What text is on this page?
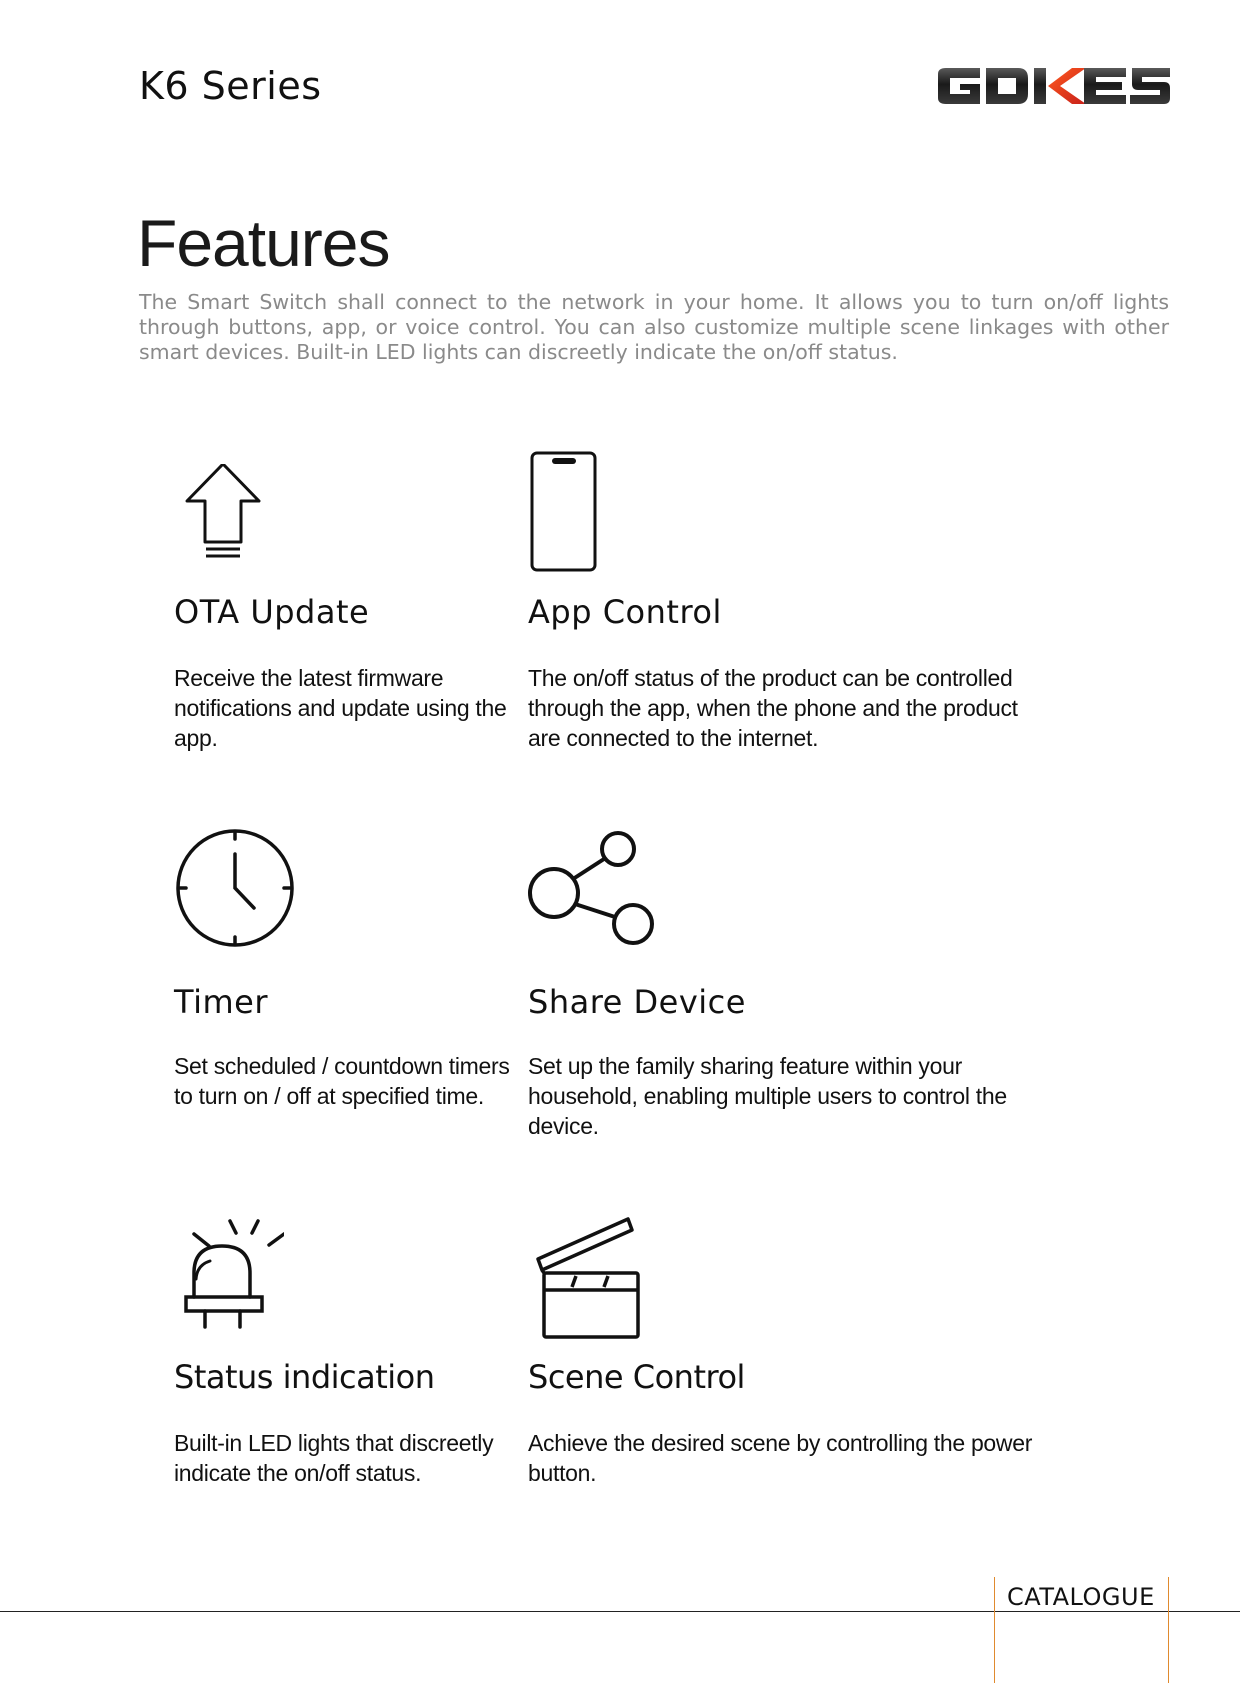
K6 Series
Features

The Smart Switch shall connect to the network in your home. It allows you to turn on/off lights through buttons, app, or voice control. You can also customize multiple scene linkages with other smart devices. Built-in LED lights can discreetly indicate the on/off status.

OTA Update

Receive the latest firmware notifications and update using the app.

App Control

The on/off status of the product can be controlled through the app, when the phone and the product are connected to the internet.

Timer

Set scheduled / countdown timers to turn on / off at specified time.

Share Device

Set up the family sharing feature within your household, enabling multiple users to control the device.

Status indication

Built-in LED lights that discreetly indicate the on/off status.

Scene Control

Achieve the desired scene by controlling the power button.

CATALOGUE
